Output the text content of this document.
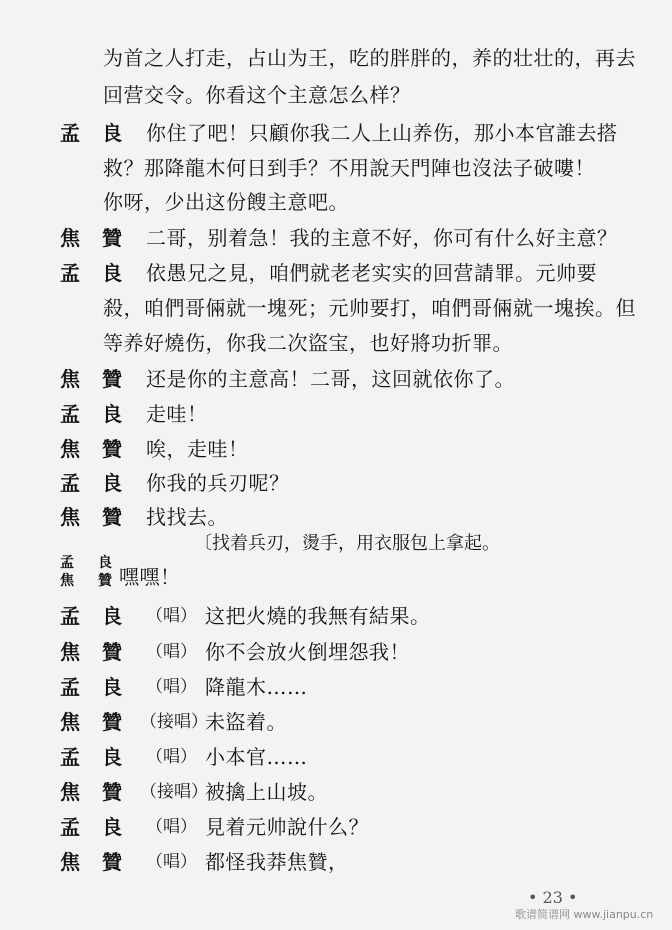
为首之人打走，占山为王，吃的胖胖的，养的壮壮的，再去
回营交令。你看这个主意怎么样？
孟良 你住了吧！只顧你我二人上山养伤，那小本官誰去搭
救？那降龍木何日到手？不用說天門陣也沒法子破嘍！
你呀，少出这份餿主意吧。
焦贊 二哥，别着急！我的主意不好，你可有什么好主意？
孟良 依愚兄之見，咱們就老老实实的回营請罪。元帅要
殺，咱們哥倆就一塊死；元帅要打，咱們哥倆就一塊挨。但
等养好燒伤，你我二次盜宝，也好將功折罪。
焦贊 还是你的主意高！二哥，这回就依你了。
孟良 走哇！
焦贊 唉，走哇！
孟良 你我的兵刃呢？
焦贊 找找去。
〔找着兵刃，燙手，用衣服包上拿起。
孟良
焦贊
嘿嘿！
孟良 （唱） 这把火燒的我無有結果。
焦贊 （唱） 你不会放火倒埋怨我！
孟良 （唱） 降龍木……
焦贊
（接唱）
未盜着。
孟良 （唱） 小本官……
焦贊
（接唱）
被擒上山坡。
孟良 （唱） 見着元帅說什么？
焦贊 （唱） 都怪我莽焦贊，
• 23 •
歌谱简谱网 www.jianpu.cn
